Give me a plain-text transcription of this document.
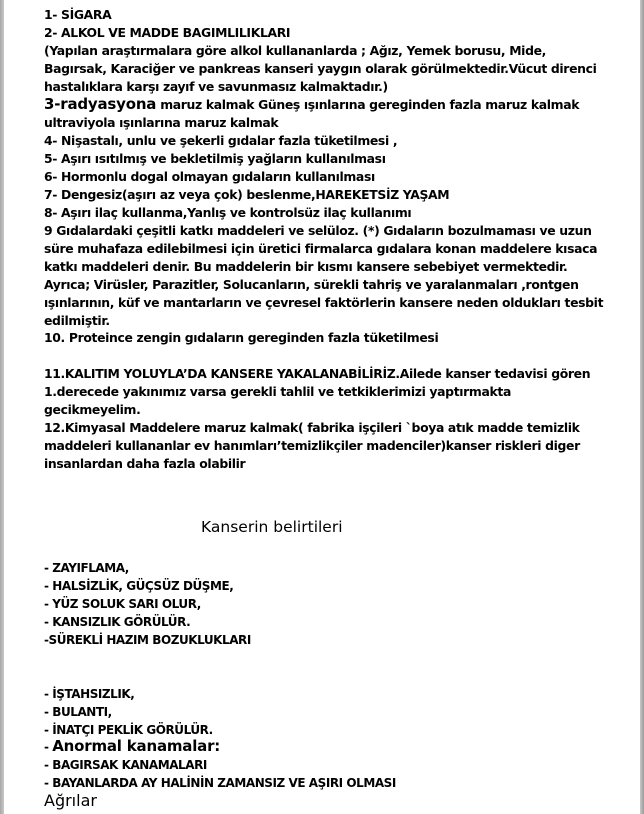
1- SİGARA
2- ALKOL VE MADDE BAGIMLILIKLARI
(Yapılan araştırmalara göre alkol kullananlarda ; Ağız, Yemek borusu, Mide,
Bagırsak, Karaciğer ve pankreas kanseri yaygın olarak görülmektedir.Vücut direnci
hastalıklara karşı zayıf ve savunmasız kalmaktadır.)
3-radyasyona maruz kalmak Güneş ışınlarına gereginden fazla maruz kalmak
ultraviyola ışınlarına maruz kalmak
4- Nişastalı, unlu ve şekerli gıdalar fazla tüketilmesi ,
5- Aşırı ısıtılmış ve bekletilmiş yağların kullanılması
6- Hormonlu dogal olmayan gıdaların kullanılması
7- Dengesiz(aşırı az veya çok) beslenme,HAREKETSİZ YAŞAM
8- Aşırı ilaç kullanma,Yanlış ve kontrolsüz ilaç kullanımı
9 Gıdalardaki çeşitli katkı maddeleri ve selüloz. (*) Gıdaların bozulmaması ve uzun
süre muhafaza edilebilmesi için üretici firmalarca gıdalara konan maddelere kısaca
katkı maddeleri denir. Bu maddelerin bir kısmı kansere sebebiyet vermektedir.
Ayrıca; Virüsler, Parazitler, Solucanların, sürekli tahriş ve yaralanmaları ,rontgen
ışınlarının, küf ve mantarların ve çevresel faktörlerin kansere neden oldukları tesbit
edilmiştir.
10. Proteince zengin gıdaların gereginden fazla tüketilmesi
11.KALITIM YOLUYLA’DA KANSERE YAKALANABİLİRİZ.Ailede kanser tedavisi gören
1.derecede yakınımız varsa gerekli tahlil ve tetkiklerimizi yaptırmakta
gecikmeyelim.
12.Kimyasal Maddelere maruz kalmak( fabrika işçileri `boya atık madde temizlik
maddeleri kullananlar ev hanımları’temizlikçiler madenciler)kanser riskleri diger
insanlardan daha fazla olabilir
Kanserin belirtileri
- ZAYIFLAMA,
- HALSİZLİK, GÜÇSÜZ DÜŞME,
- YÜZ SOLUK SARI OLUR,
- KANSIZLIK GÖRÜLÜR.
-SÜREKLİ HAZIM BOZUKLUKLARI
- İŞTAHSIZLIK,
- BULANTI,
- İNATÇI PEKLİK GÖRÜLÜR.
- Anormal kanamalar:
- BAGIRSAK KANAMALARI
- BAYANLARDA AY HALİNİN ZAMANSIZ VE AŞIRI OLMASI
Ağrılar
